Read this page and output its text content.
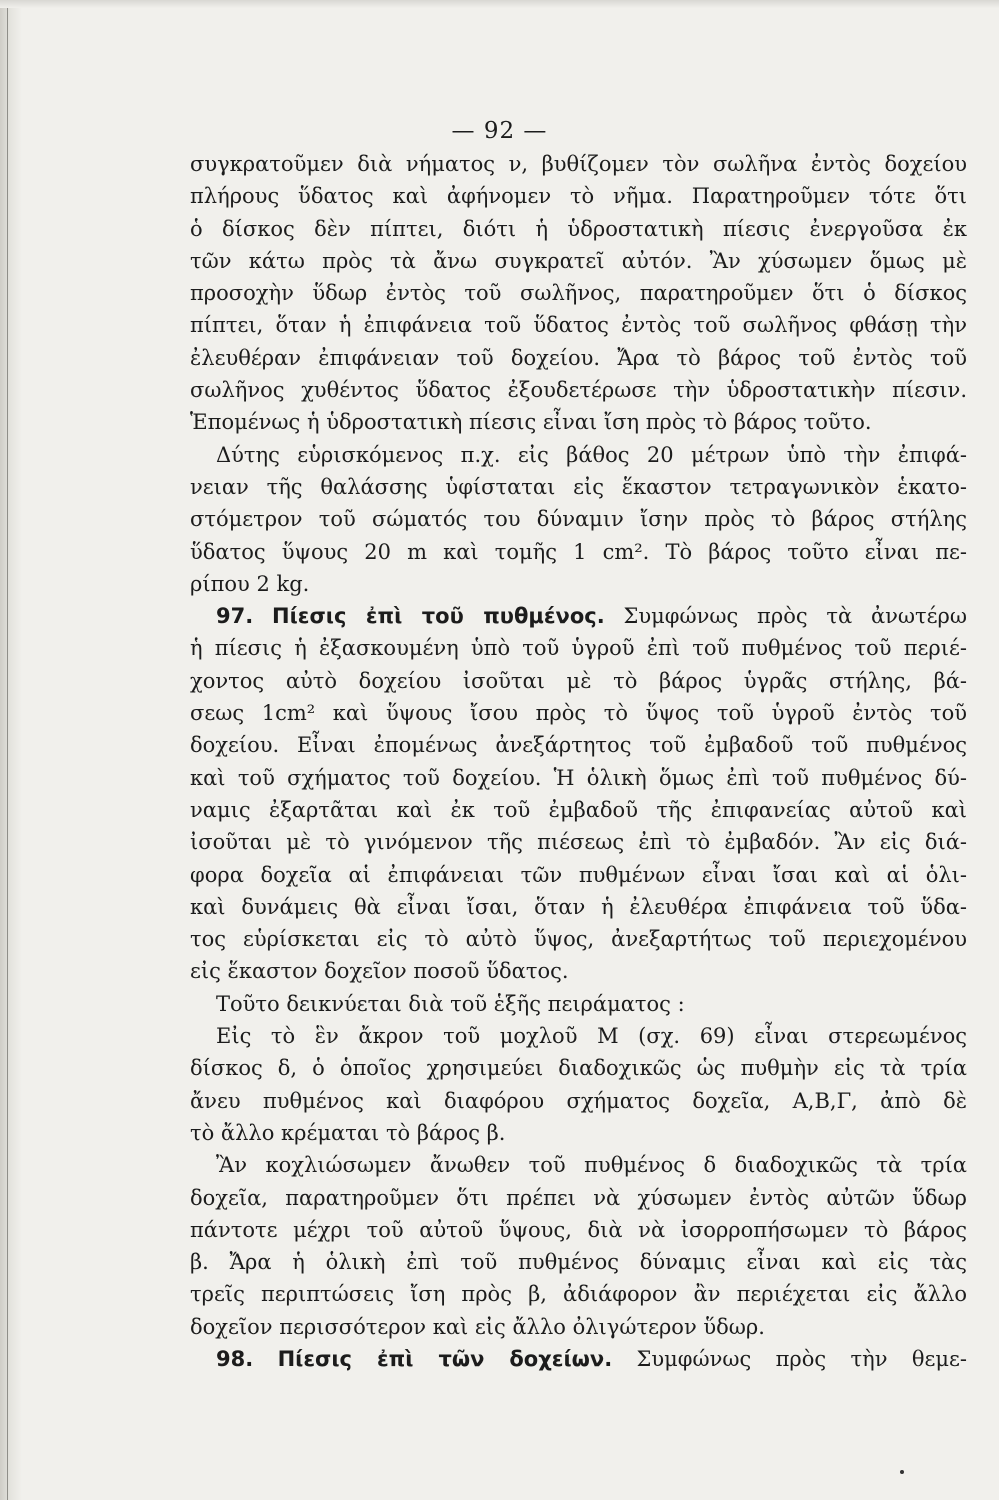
— 92 —
συγκρατοῦμεν διὰ νήματος ν, βυθίζομεν τὸν σωλῆνα ἐντὸς δοχείου
πλήρους ὕδατος καὶ ἀφήνομεν τὸ νῆμα. Παρατηροῦμεν τότε ὅτι
ὁ δίσκος δὲν πίπτει, διότι ἡ ὑδροστατικὴ πίεσις ἐνεργοῦσα ἐκ
τῶν κάτω πρὸς τὰ ἄνω συγκρατεῖ αὐτόν. Ἂν χύσωμεν ὅμως μὲ
προσοχὴν ὕδωρ ἐντὸς τοῦ σωλῆνος, παρατηροῦμεν ὅτι ὁ δίσκος
πίπτει, ὅταν ἡ ἐπιφάνεια τοῦ ὕδατος ἐντὸς τοῦ σωλῆνος φθάσῃ τὴν
ἐλευθέραν ἐπιφάνειαν τοῦ δοχείου. Ἄρα τὸ βάρος τοῦ ἐντὸς τοῦ
σωλῆνος χυθέντος ὕδατος ἐξουδετέρωσε τὴν ὑδροστατικὴν πίεσιν.
Ἑπομένως ἡ ὑδροστατικὴ πίεσις εἶναι ἴση πρὸς τὸ βάρος τοῦτο.
Δύτης εὑρισκόμενος π.χ. εἰς βάθος 20 μέτρων ὑπὸ τὴν ἐπιφά-
νειαν τῆς θαλάσσης ὑφίσταται εἰς ἕκαστον τετραγωνικὸν ἑκατο-
στόμετρον τοῦ σώματός του δύναμιν ἴσην πρὸς τὸ βάρος στήλης
ὕδατος ὕψους 20 m καὶ τομῆς 1 cm². Τὸ βάρος τοῦτο εἶναι πε-
ρίπου 2 kg.
97. Πίεσις ἐπὶ τοῦ πυθμένος. Συμφώνως πρὸς τὰ ἀνωτέρω
ἡ πίεσις ἡ ἐξασκουμένη ὑπὸ τοῦ ὑγροῦ ἐπὶ τοῦ πυθμένος τοῦ περιέ-
χοντος αὐτὸ δοχείου ἰσοῦται μὲ τὸ βάρος ὑγρᾶς στήλης, βά-
σεως 1cm² καὶ ὕψους ἴσου πρὸς τὸ ὕψος τοῦ ὑγροῦ ἐντὸς τοῦ
δοχείου. Εἶναι ἐπομένως ἀνεξάρτητος τοῦ ἐμβαδοῦ τοῦ πυθμένος
καὶ τοῦ σχήματος τοῦ δοχείου. Ἡ ὁλικὴ ὅμως ἐπὶ τοῦ πυθμένος δύ-
ναμις ἐξαρτᾶται καὶ ἐκ τοῦ ἐμβαδοῦ τῆς ἐπιφανείας αὐτοῦ καὶ
ἰσοῦται μὲ τὸ γινόμενον τῆς πιέσεως ἐπὶ τὸ ἐμβαδόν. Ἂν εἰς διά-
φορα δοχεῖα αἱ ἐπιφάνειαι τῶν πυθμένων εἶναι ἴσαι καὶ αἱ ὁλι-
καὶ δυνάμεις θὰ εἶναι ἴσαι, ὅταν ἡ ἐλευθέρα ἐπιφάνεια τοῦ ὕδα-
τος εὑρίσκεται εἰς τὸ αὐτὸ ὕψος, ἀνεξαρτήτως τοῦ περιεχομένου
εἰς ἕκαστον δοχεῖον ποσοῦ ὕδατος.
Τοῦτο δεικνύεται διὰ τοῦ ἑξῆς πειράματος :
Εἰς τὸ ἓν ἄκρον τοῦ μοχλοῦ Μ (σχ. 69) εἶναι στερεωμένος
δίσκος δ, ὁ ὁποῖος χρησιμεύει διαδοχικῶς ὡς πυθμὴν εἰς τὰ τρία
ἄνευ πυθμένος καὶ διαφόρου σχήματος δοχεῖα, Α,Β,Γ, ἀπὸ δὲ
τὸ ἄλλο κρέμαται τὸ βάρος β.
Ἂν κοχλιώσωμεν ἄνωθεν τοῦ πυθμένος δ διαδοχικῶς τὰ τρία
δοχεῖα, παρατηροῦμεν ὅτι πρέπει νὰ χύσωμεν ἐντὸς αὐτῶν ὕδωρ
πάντοτε μέχρι τοῦ αὐτοῦ ὕψους, διὰ νὰ ἰσορροπήσωμεν τὸ βάρος
β. Ἄρα ἡ ὁλικὴ ἐπὶ τοῦ πυθμένος δύναμις εἶναι καὶ εἰς τὰς
τρεῖς περιπτώσεις ἴση πρὸς β, ἀδιάφορον ἂν περιέχεται εἰς ἄλλο
δοχεῖον περισσότερον καὶ εἰς ἄλλο ὀλιγώτερον ὕδωρ.
98. Πίεσις ἐπὶ τῶν δοχείων. Συμφώνως πρὸς τὴν θεμε-
